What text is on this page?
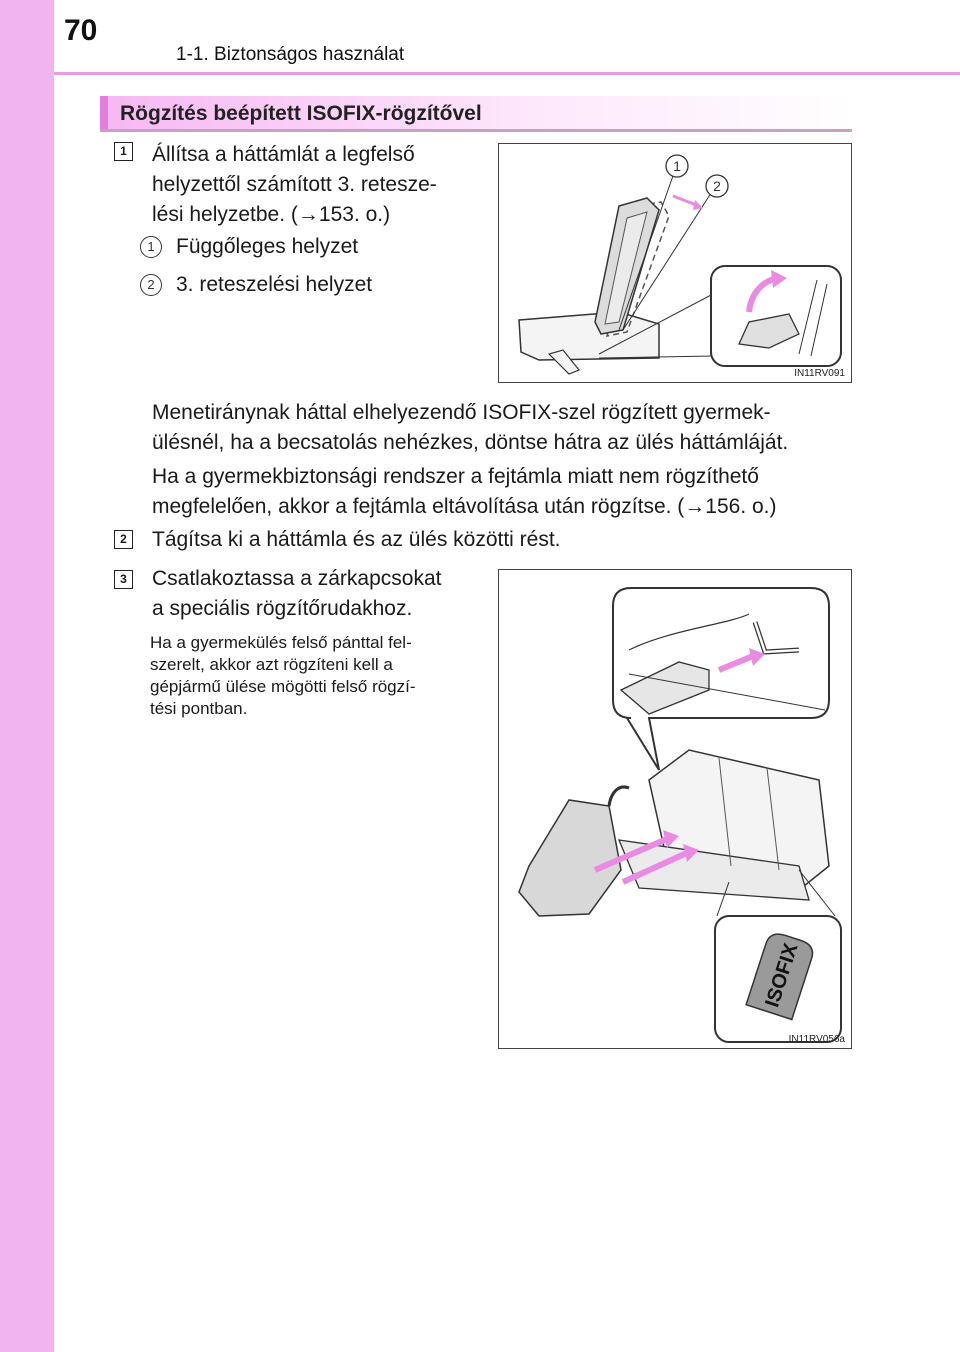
70
1-1. Biztonságos használat
Rögzítés beépített ISOFIX-rögzítővel
1 Állítsa a háttámlát a legfelső
helyzettől számított 3. retesze-
lési helyzetbe. (→153. o.)
1	Függőleges helyzet
2	3. reteszelési helyzet
1
2
IN11RV091
Menetiránynak háttal elhelyezendő ISOFIX-szel rögzített gyermek-
ülésnél, ha a becsatolás nehézkes, döntse hátra az ülés háttámláját.
Ha a gyermekbiztonsági rendszer a fejtámla miatt nem rögzíthető
megfelelően, akkor a fejtámla eltávolítása után rögzítse. (→156. o.)
2 Tágítsa ki a háttámla és az ülés közötti rést.
3 Csatlakoztassa a zárkapcsokat
a speciális rögzítőrudakhoz.
Ha a gyermekülés felső pánttal fel-
szerelt, akkor azt rögzíteni kell a
gépjármű ülése mögötti felső rögzí-
tési pontban.
ISOFIX
IN11RV056a
